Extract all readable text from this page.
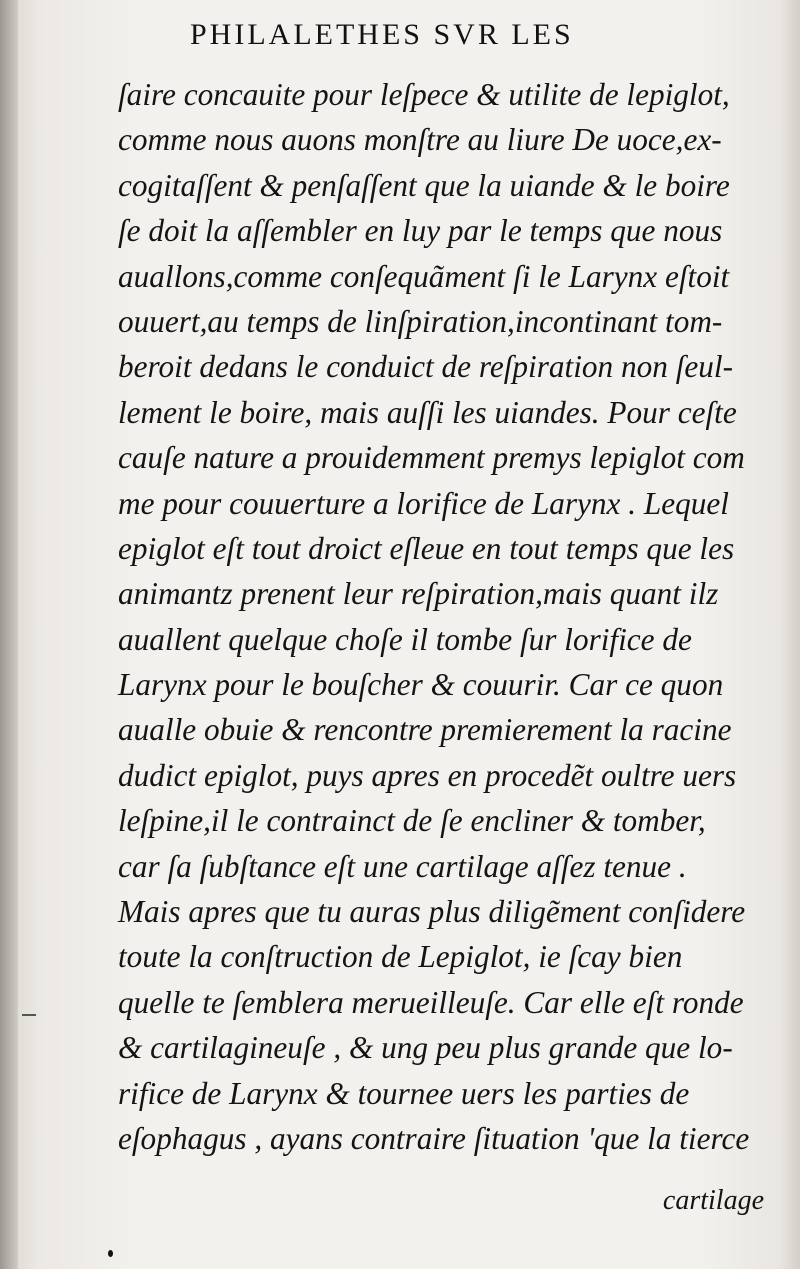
PHILALETHES SVR LES
ſaire concauite pour leſpece & utilite de lepiglot, comme nous auons monſtre au liure De uoce,ex- cogitaſſent & penſaſſent que la uiande & le boire ſe doit la aſſembler en luy par le temps que nous auallons,comme conſequãment ſi le Larynx eſtoit ouuert,au temps de linſpiration,incontinant tom- beroit dedans le conduict de reſpiration non ſeul- lement le boire, mais auſſi les uiandes. Pour ceſte cauſe nature a prouidemment premys lepiglot com me pour couuerture a lorifice de Larynx . Lequel epiglot eſt tout droict eſleue en tout temps que les animantz prenent leur reſpiration,mais quant ilz auallent quelque choſe il tombe ſur lorifice de Larynx pour le bouſcher & couurir. Car ce quon aualle obuie & rencontre premierement la racine dudict epiglot, puys apres en procedẽt oultre uers leſpine,il le contrainct de ſe encliner & tomber, car ſa ſubſtance eſt une cartilage aſſez tenue . Mais apres que tu auras plus diligẽment conſidere toute la conſtruction de Lepiglot, ie ſcay bien quelle te ſemblera merueilleuſe. Car elle eſt ronde & cartilagineuſe , & ung peu plus grande que lo- rifice de Larynx & tournee uers les parties de eſophagus , ayans contraire ſituation 'que la tierce
cartilage
